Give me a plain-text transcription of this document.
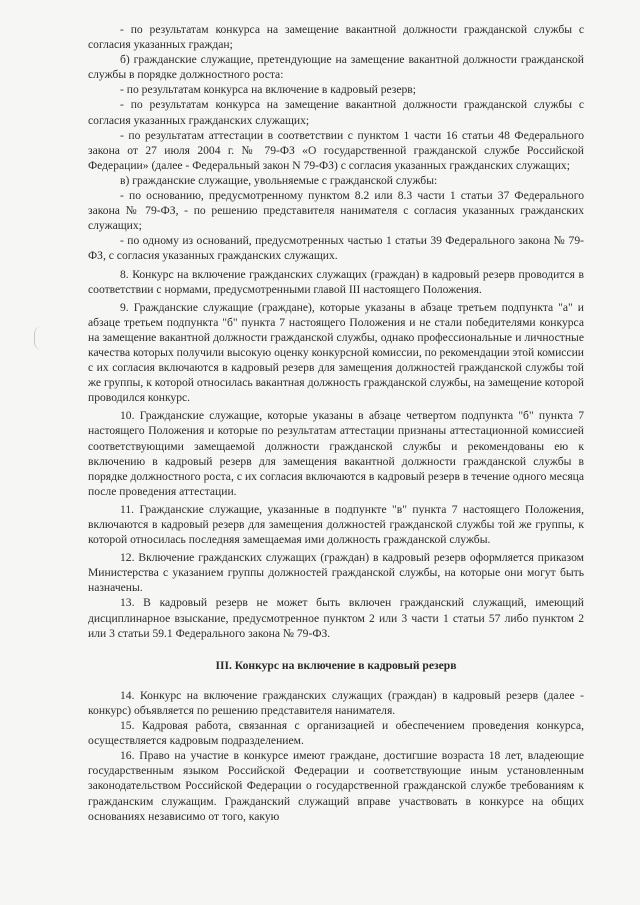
- по результатам конкурса на замещение вакантной должности гражданской службы с согласия указанных граждан;

б) гражданские служащие, претендующие на замещение вакантной должности гражданской службы в порядке должностного роста:

- по результатам конкурса на включение в кадровый резерв;

- по результатам конкурса на замещение вакантной должности гражданской службы с согласия указанных гражданских служащих;

- по результатам аттестации в соответствии с пунктом 1 части 16 статьи 48 Федерального закона от 27 июля 2004 г. № 79-ФЗ «О государственной гражданской службе Российской Федерации» (далее - Федеральный закон N 79-ФЗ) с согласия указанных гражданских служащих;

в) гражданские служащие, увольняемые с гражданской службы:

- по основанию, предусмотренному пунктом 8.2 или 8.3 части 1 статьи 37 Федерального закона № 79-ФЗ, - по решению представителя нанимателя с согласия указанных гражданских служащих;

- по одному из оснований, предусмотренных частью 1 статьи 39 Федерального закона № 79-ФЗ, с согласия указанных гражданских служащих.

8. Конкурс на включение гражданских служащих (граждан) в кадровый резерв проводится в соответствии с нормами, предусмотренными главой III настоящего Положения.

9. Гражданские служащие (граждане), которые указаны в абзаце третьем подпункта "а" и абзаце третьем подпункта "б" пункта 7 настоящего Положения и не стали победителями конкурса на замещение вакантной должности гражданской службы, однако профессиональные и личностные качества которых получили высокую оценку конкурсной комиссии, по рекомендации этой комиссии с их согласия включаются в кадровый резерв для замещения должностей гражданской службы той же группы, к которой относилась вакантная должность гражданской службы, на замещение которой проводился конкурс.

10. Гражданские служащие, которые указаны в абзаце четвертом подпункта "б" пункта 7 настоящего Положения и которые по результатам аттестации признаны аттестационной комиссией соответствующими замещаемой должности гражданской службы и рекомендованы ею к включению в кадровый резерв для замещения вакантной должности гражданской службы в порядке должностного роста, с их согласия включаются в кадровый резерв в течение одного месяца после проведения аттестации.

11. Гражданские служащие, указанные в подпункте "в" пункта 7 настоящего Положения, включаются в кадровый резерв для замещения должностей гражданской службы той же группы, к которой относилась последняя замещаемая ими должность гражданской службы.

12. Включение гражданских служащих (граждан) в кадровый резерв оформляется приказом Министерства с указанием группы должностей гражданской службы, на которые они могут быть назначены.

13. В кадровый резерв не может быть включен гражданский служащий, имеющий дисциплинарное взыскание, предусмотренное пунктом 2 или 3 части 1 статьи 57 либо пунктом 2 или 3 статьи 59.1 Федерального закона № 79-ФЗ.

III. Конкурс на включение в кадровый резерв

14. Конкурс на включение гражданских служащих (граждан) в кадровый резерв (далее - конкурс) объявляется по решению представителя нанимателя.

15. Кадровая работа, связанная с организацией и обеспечением проведения конкурса, осуществляется кадровым подразделением.

16. Право на участие в конкурсе имеют граждане, достигшие возраста 18 лет, владеющие государственным языком Российской Федерации и соответствующие иным установленным законодательством Российской Федерации о государственной гражданской службе требованиям к гражданским служащим. Гражданский служащий вправе участвовать в конкурсе на общих основаниях независимо от того, какую
